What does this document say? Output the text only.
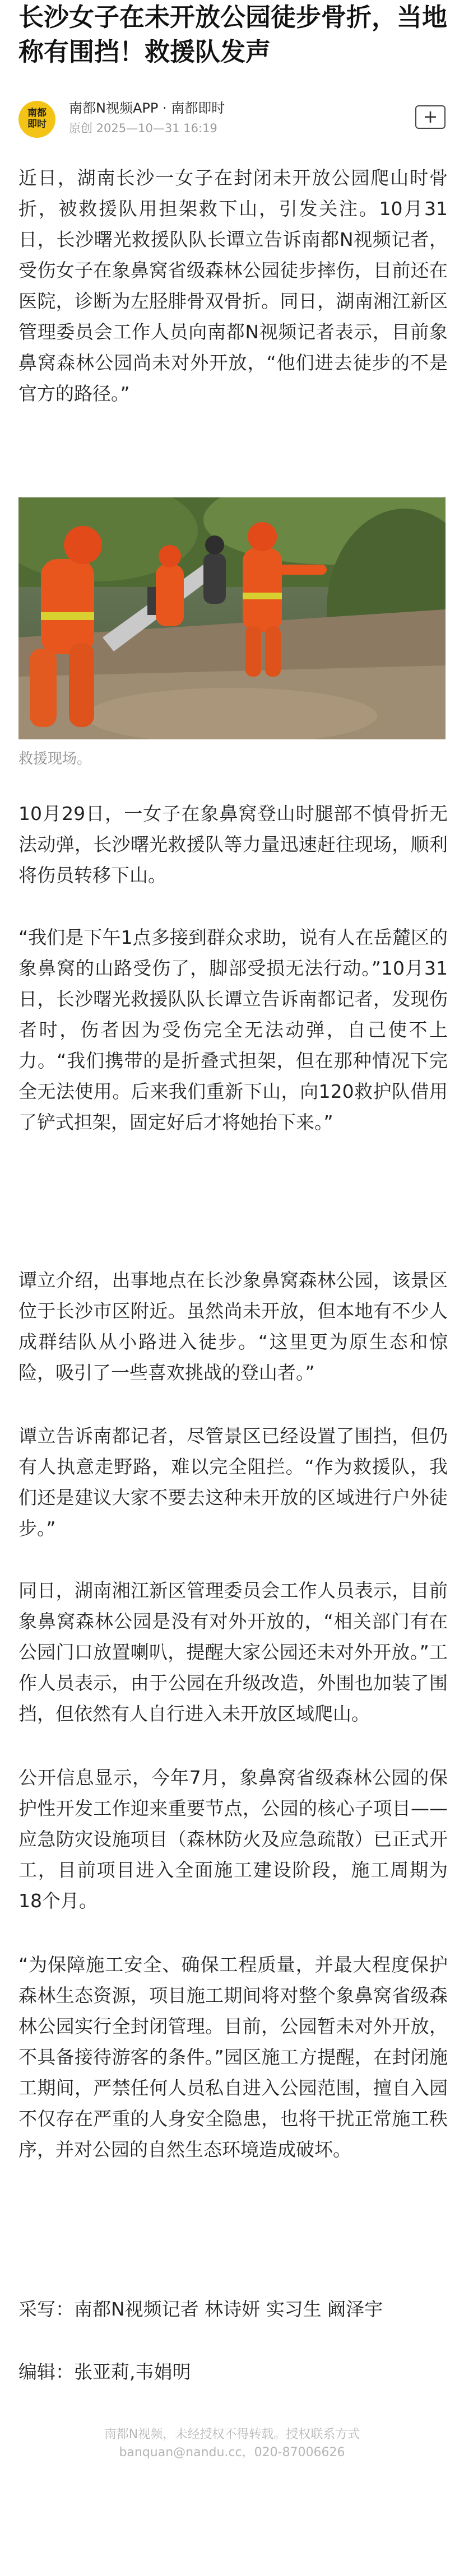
长沙女子在未开放公园徒步骨折，当地称有围挡！救援队发声
南都即时
南都N视频APP · 南都即时
原创 2025—10—31 16:19
+

近日，湖南长沙一女子在封闭未开放公园爬山时骨折，被救援队用担架救下山，引发关注。10月31日，长沙曙光救援队队长谭立告诉南都N视频记者，受伤女子在象鼻窝省级森林公园徒步摔伤，目前还在医院，诊断为左胫腓骨双骨折。同日，湖南湘江新区管理委员会工作人员向南都N视频记者表示，目前象鼻窝森林公园尚未对外开放，“他们进去徒步的不是官方的路径。”

救援现场。

10月29日，一女子在象鼻窝登山时腿部不慎骨折无法动弹，长沙曙光救援队等力量迅速赶往现场，顺利将伤员转移下山。

“我们是下午1点多接到群众求助，说有人在岳麓区的象鼻窝的山路受伤了，脚部受损无法行动。”10月31日，长沙曙光救援队队长谭立告诉南都记者，发现伤者时，伤者因为受伤完全无法动弹，自己使不上力。“我们携带的是折叠式担架，但在那种情况下完全无法使用。后来我们重新下山，向120救护队借用了铲式担架，固定好后才将她抬下来。”

谭立介绍，出事地点在长沙象鼻窝森林公园，该景区位于长沙市区附近。虽然尚未开放，但本地有不少人成群结队从小路进入徒步。“这里更为原生态和惊险，吸引了一些喜欢挑战的登山者。”

谭立告诉南都记者，尽管景区已经设置了围挡，但仍有人执意走野路，难以完全阻拦。“作为救援队，我们还是建议大家不要去这种未开放的区域进行户外徒步。”

同日，湖南湘江新区管理委员会工作人员表示，目前象鼻窝森林公园是没有对外开放的，“相关部门有在公园门口放置喇叭，提醒大家公园还未对外开放。”工作人员表示，由于公园在升级改造，外围也加装了围挡，但依然有人自行进入未开放区域爬山。

公开信息显示，今年7月，象鼻窝省级森林公园的保护性开发工作迎来重要节点，公园的核心子项目——应急防灾设施项目（森林防火及应急疏散）已正式开工，目前项目进入全面施工建设阶段，施工周期为18个月。

“为保障施工安全、确保工程质量，并最大程度保护森林生态资源，项目施工期间将对整个象鼻窝省级森林公园实行全封闭管理。目前，公园暂未对外开放，不具备接待游客的条件。”园区施工方提醒，在封闭施工期间，严禁任何人员私自进入公园范围，擅自入园不仅存在严重的人身安全隐患，也将干扰正常施工秩序，并对公园的自然生态环境造成破坏。

采写：南都N视频记者 林诗妍 实习生 阚泽宇

编辑：张亚莉,韦娟明

南都N视频，未经授权不得转载。授权联系方式
banquan@nandu.cc，020-87006626
